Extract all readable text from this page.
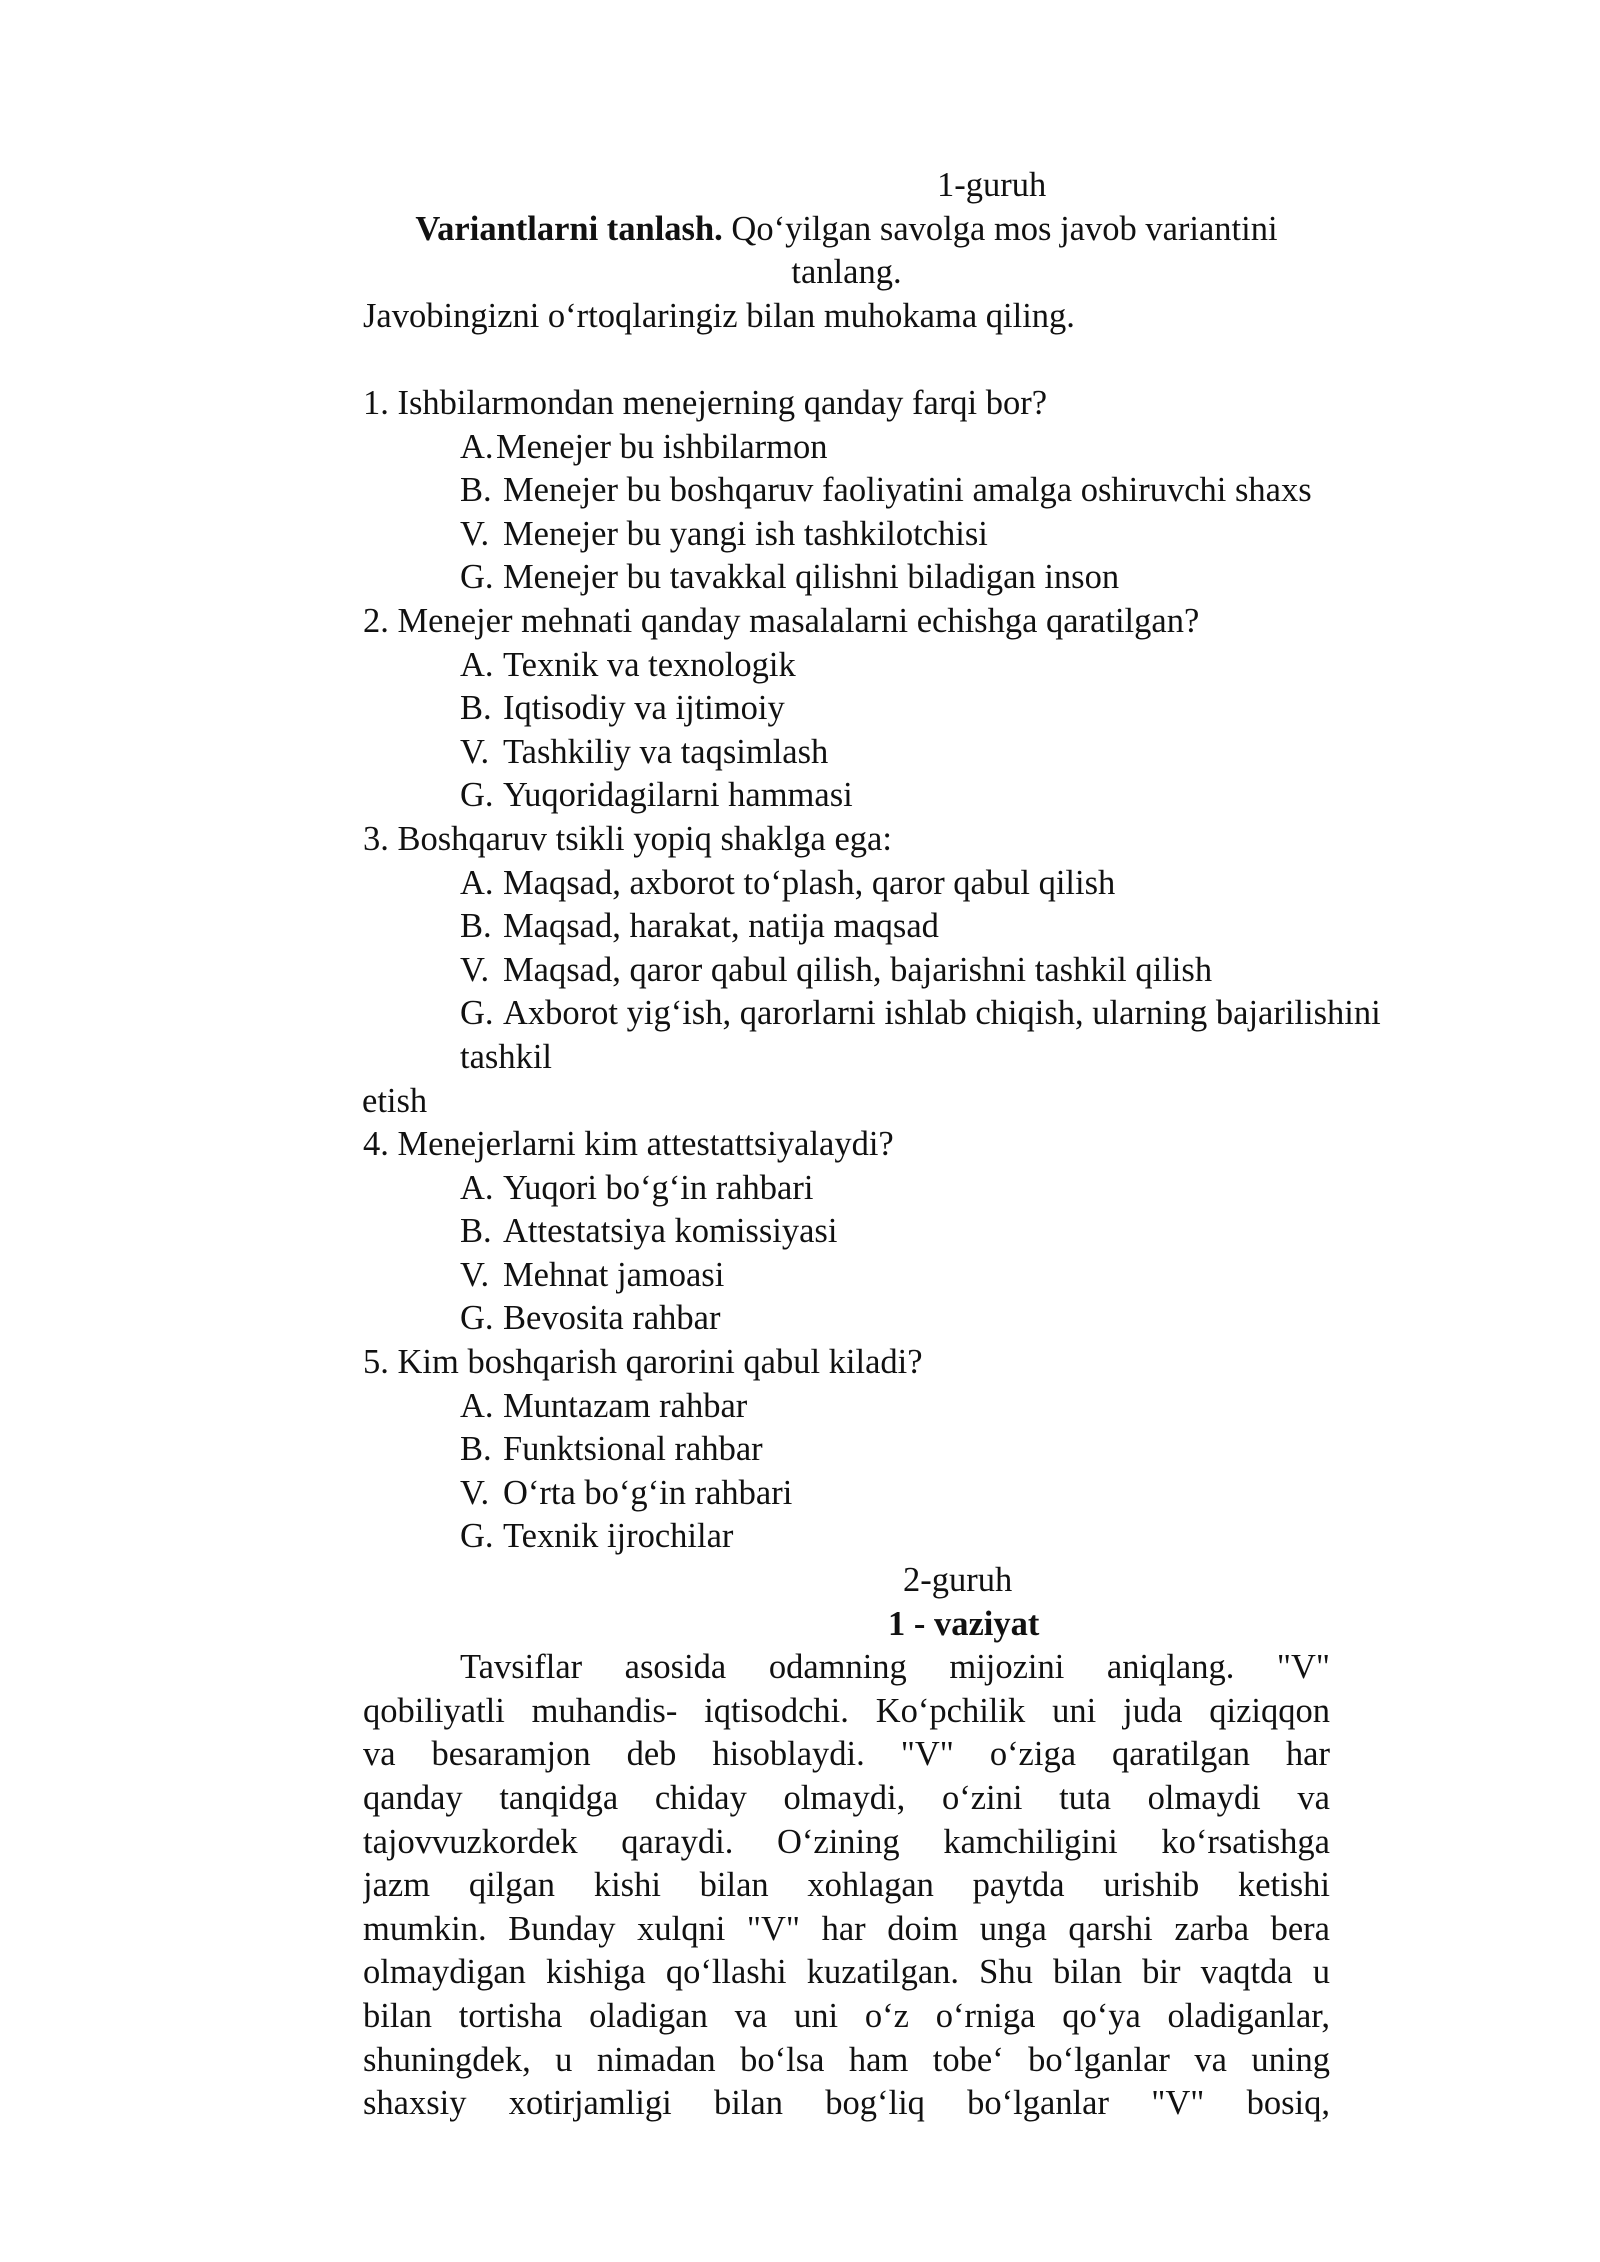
1-guruh
Variantlarni tanlash. Qo‘yilgan savolga mos javob variantini
tanlang.
Javobingizni o‘rtoqlaringiz bilan muhokama qiling.
1. Ishbilarmondan menejerning qanday farqi bor?
A. Menejer bu ishbilarmon
B. Menejer bu boshqaruv faoliyatini amalga oshiruvchi shaxs
V. Menejer bu yangi ish tashkilotchisi
G. Menejer bu tavakkal qilishni biladigan inson
2. Menejer mehnati qanday masalalarni echishga qaratilgan?
A. Texnik va texnologik
B. Iqtisodiy va ijtimoiy
V. Tashkiliy va taqsimlash
G. Yuqoridagilarni hammasi
3. Boshqaruv tsikli yopiq shaklga ega:
A. Maqsad, axborot to‘plash, qaror qabul qilish
B. Maqsad, harakat, natija maqsad
V. Maqsad, qaror qabul qilish, bajarishni tashkil qilish
G. Axborot yig‘ish, qarorlarni ishlab chiqish, ularning bajarilishini
tashkil
etish
4. Menejerlarni kim attestattsiyalaydi?
A. Yuqori bo‘g‘in rahbari
B. Attestatsiya komissiyasi
V. Mehnat jamoasi
G. Bevosita rahbar
5. Kim boshqarish qarorini qabul kiladi?
A. Muntazam rahbar
B. Funktsional rahbar
V. O‘rta bo‘g‘in rahbari
G. Texnik ijrochilar
2-guruh
1 - vaziyat
Tavsiflar asosida odamning mijozini aniqlang. "V"
qobiliyatli muhandis- iqtisodchi. Ko‘pchilik uni juda qiziqqon
va besaramjon deb hisoblaydi. "V" o‘ziga qaratilgan har
qanday tanqidga chiday olmaydi, o‘zini tuta olmaydi va
tajovvuzkordek qaraydi. O‘zining kamchiligini ko‘rsatishga
jazm qilgan kishi bilan xohlagan paytda urishib ketishi
mumkin. Bunday xulqni "V" har doim unga qarshi zarba bera
olmaydigan kishiga qo‘llashi kuzatilgan. Shu bilan bir vaqtda u
bilan tortisha oladigan va uni o‘z o‘rniga qo‘ya oladiganlar,
shuningdek, u nimadan bo‘lsa ham tobe‘ bo‘lganlar va uning
shaxsiy xotirjamligi bilan bog‘liq bo‘lganlar "V" bosiq,
